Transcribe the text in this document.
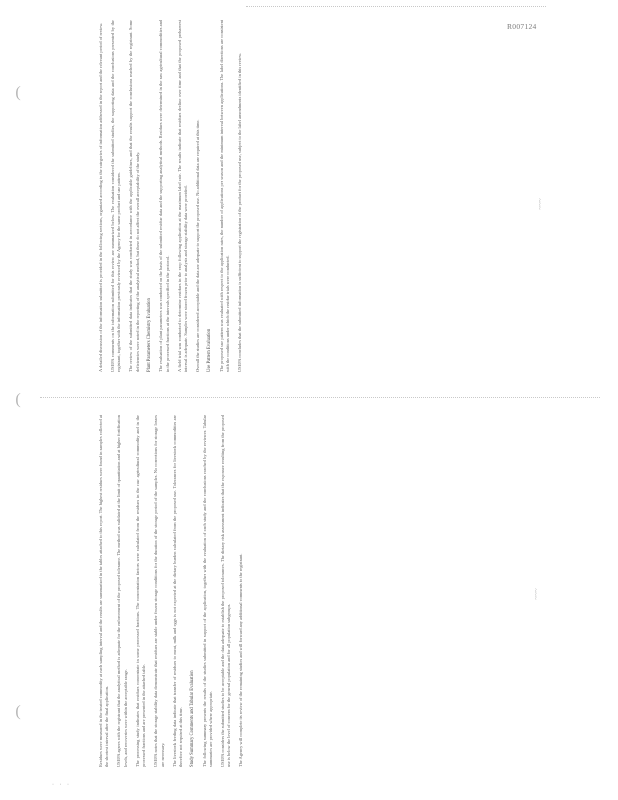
R007124
(
(
(
~~~
~~~
· · ·

A detailed discussion of the information submitted is provided in the following sections, organized according to the categories of information addressed in the report and the relevant period of review.	USEPA comments on the information submitted for this review are summarized below. The evaluation considered the submitted studies, the supporting data and the conclusions presented by the registrant, together with the information previously reviewed by the Agency for the same product and use pattern.	The review of the submitted data indicates that the study was conducted in accordance with the applicable guidelines, and that the results support the conclusions reached by the registrant. Some deficiencies were noted in the reporting of the analytical method, but these do not affect the overall acceptability of the study. Plant Parameters Chemistry Evaluation	The evaluation of plant parameters was conducted on the basis of the submitted residue data and the supporting analytical methods. Residues were determined in the raw agricultural commodities and in the processed fractions at the intervals specified in the protocol.	A field trial was conducted to determine residues in the crop following application at the maximum label rate. The results indicate that residues decline over time and that the proposed preharvest interval is adequate. Samples were stored frozen prior to analysis and storage stability data were provided.	Overall the studies are considered acceptable and the data are adequate to support the proposed use. No additional data are required at this time. Use Pattern Evaluation	The proposed use pattern was evaluated with respect to the application rates, the number of applications per season and the minimum interval between applications. The label directions are consistent with the conditions under which the residue trials were conducted.	USEPA concludes that the submitted information is sufficient to support the registration of the product for the proposed use, subject to the label amendments identified in this review.

Residues were measured in the treated commodity at each sampling interval and the results are summarized in the tables attached to this report. The highest residues were found in samples collected at the shortest interval after the final application.	USEPA agrees with the registrant that the analytical method is adequate for the enforcement of the proposed tolerance. The method was validated at the limit of quantitation and at higher fortification levels, and recoveries were within the acceptable range.	The processing study indicates that residues concentrate in some processed fractions. The concentration factors were calculated from the residues in the raw agricultural commodity and in the processed fractions and are presented in the attached table.	USEPA notes that the storage stability data demonstrate that residues are stable under frozen storage conditions for the duration of the storage period of the samples. No corrections for storage losses are necessary.	The livestock feeding data indicate that transfer of residues to meat, milk and eggs is not expected at the dietary burden calculated from the proposed use. Tolerances for livestock commodities are therefore not required at this time. Study Summary Comments and Tabular Evaluation	The following summary presents the results of the studies submitted in support of the application, together with the evaluation of each study and the conclusions reached by the reviewer. Tabular summaries are provided where appropriate.	USEPA considers the submitted studies to be acceptable and the data adequate to establish the proposed tolerances. The dietary risk assessment indicates that the exposure resulting from the proposed use is below the level of concern for the general population and for all population subgroups.	The Agency will complete its review of the remaining studies and will forward any additional comments to the registrant.
